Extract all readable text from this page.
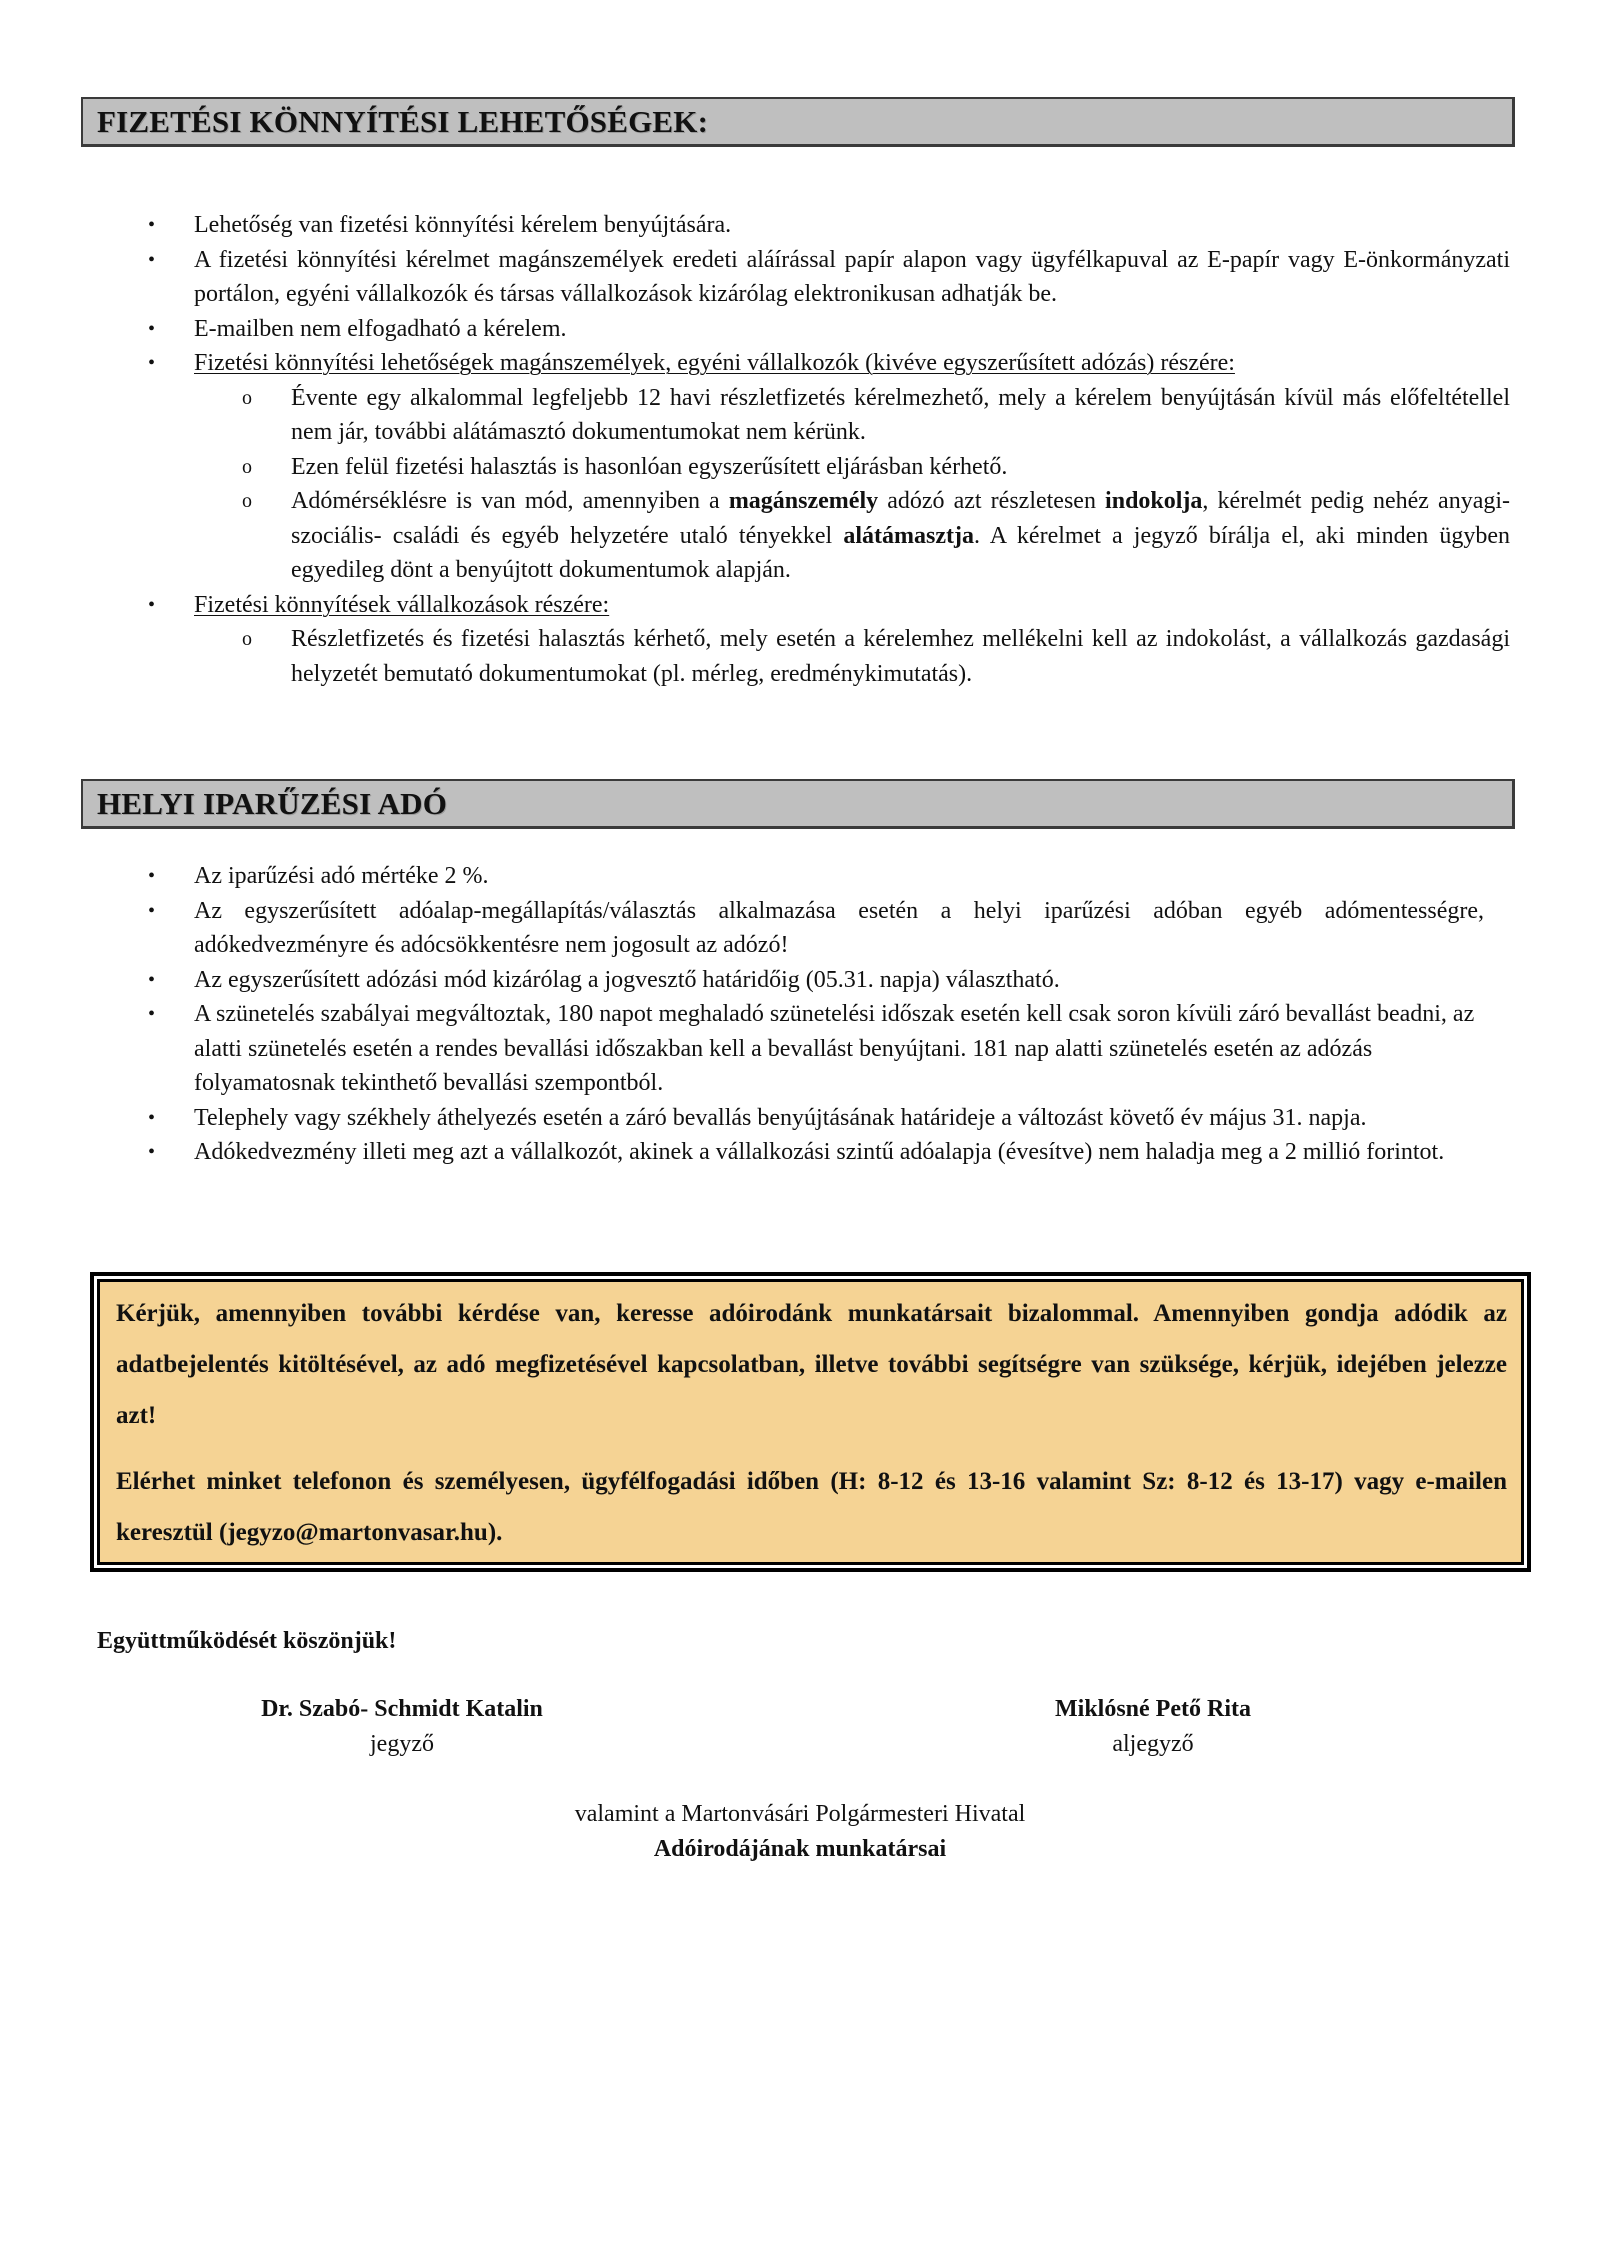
FIZETÉSI KÖNNYÍTÉSI LEHETŐSÉGEK:
• Lehetőség van fizetési könnyítési kérelem benyújtására.
• A fizetési könnyítési kérelmet magánszemélyek eredeti aláírással papír alapon vagy ügyfélkapuval az E-papír vagy E-önkormányzati portálon, egyéni vállalkozók és társas vállalkozások kizárólag elektronikusan adhatják be.
• E-mailben nem elfogadható a kérelem.
• Fizetési könnyítési lehetőségek magánszemélyek, egyéni vállalkozók (kivéve egyszerűsített adózás) részére:
o Évente egy alkalommal legfeljebb 12 havi részletfizetés kérelmezhető, mely a kérelem benyújtásán kívül más előfeltétellel nem jár, további alátámasztó dokumentumokat nem kérünk.
o Ezen felül fizetési halasztás is hasonlóan egyszerűsített eljárásban kérhető.
o Adómérséklésre is van mód, amennyiben a magánszemély adózó azt részletesen indokolja, kérelmét pedig nehéz anyagi- szociális- családi és egyéb helyzetére utaló tényekkel alátámasztja. A kérelmet a jegyző bírálja el, aki minden ügyben egyedileg dönt a benyújtott dokumentumok alapján.
• Fizetési könnyítések vállalkozások részére:
o Részletfizetés és fizetési halasztás kérhető, mely esetén a kérelemhez mellékelni kell az indokolást, a vállalkozás gazdasági helyzetét bemutató dokumentumokat (pl. mérleg, eredménykimutatás).
HELYI IPARŰZÉSI ADÓ
• Az iparűzési adó mértéke 2 %.
• Az egyszerűsített adóalap-megállapítás/választás alkalmazása esetén a helyi iparűzési adóban egyéb adómentességre, adókedvezményre és adócsökkentésre nem jogosult az adózó!
• Az egyszerűsített adózási mód kizárólag a jogvesztő határidőig (05.31. napja) választható.
• A szünetelés szabályai megváltoztak, 180 napot meghaladó szünetelési időszak esetén kell csak soron kívüli záró bevallást beadni, az alatti szünetelés esetén a rendes bevallási időszakban kell a bevallást benyújtani. 181 nap alatti szünetelés esetén az adózás folyamatosnak tekinthető bevallási szempontból.
• Telephely vagy székhely áthelyezés esetén a záró bevallás benyújtásának határideje a változást követő év május 31. napja.
• Adókedvezmény illeti meg azt a vállalkozót, akinek a vállalkozási szintű adóalapja (évesítve) nem haladja meg a 2 millió forintot.

Kérjük, amennyiben további kérdése van, keresse adóirodánk munkatársait bizalommal. Amennyiben gondja adódik az adatbejelentés kitöltésével, az adó megfizetésével kapcsolatban, illetve további segítségre van szüksége, kérjük, idejében jelezze azt!

Elérhet minket telefonon és személyesen, ügyfélfogadási időben (H: 8-12 és 13-16 valamint Sz: 8-12 és 13-17) vagy e-mailen keresztül (jegyzo@martonvasar.hu).

Együttműködését köszönjük!
Dr. Szabó- Schmidt Katalin
jegyző
Miklósné Pető Rita
aljegyző
valamint a Martonvásári Polgármesteri Hivatal
Adóirodájának munkatársai
